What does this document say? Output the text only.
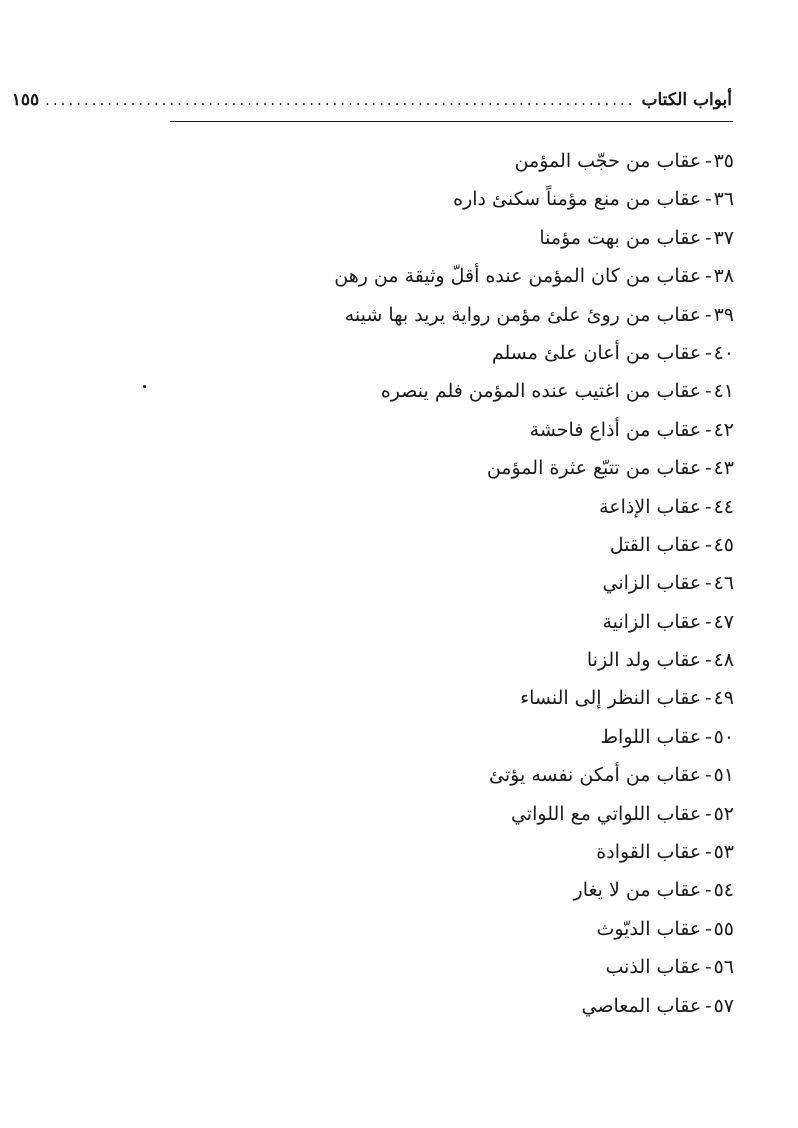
أبواب الكتاب
............................................................................
١٥٥
٣٥-عقاب من حجّب المؤمن
٣٦-عقاب من منع مؤمناً سكنئ داره
٣٧-عقاب من بهت مؤمنا
٣٨-عقاب من كان المؤمن عنده أقلّ وثيقة من رهن
٣٩-عقاب من روئ علئ مؤمن رواية يريد بها شينه
٤٠-عقاب من أعان علئ مسلم
٤١-عقاب من اغتيب عنده المؤمن فلم ينصره
٤٢-عقاب من أذاع فاحشة
٤٣-عقاب من تتبّع عثرة المؤمن
٤٤-عقاب الإذاعة
٤٥-عقاب القتل
٤٦-عقاب الزاني
٤٧-عقاب الزانية
٤٨-عقاب ولد الزنا
٤٩-عقاب النظر إلى النساء
٥٠-عقاب اللواط
٥١-عقاب من أمكن نفسه يؤتئ
٥٢-عقاب اللواتي مع اللواتي
٥٣-عقاب القوادة
٥٤-عقاب من لا يغار
٥٥-عقاب الديّوث
٥٦-عقاب الذنب
٥٧-عقاب المعاصي
